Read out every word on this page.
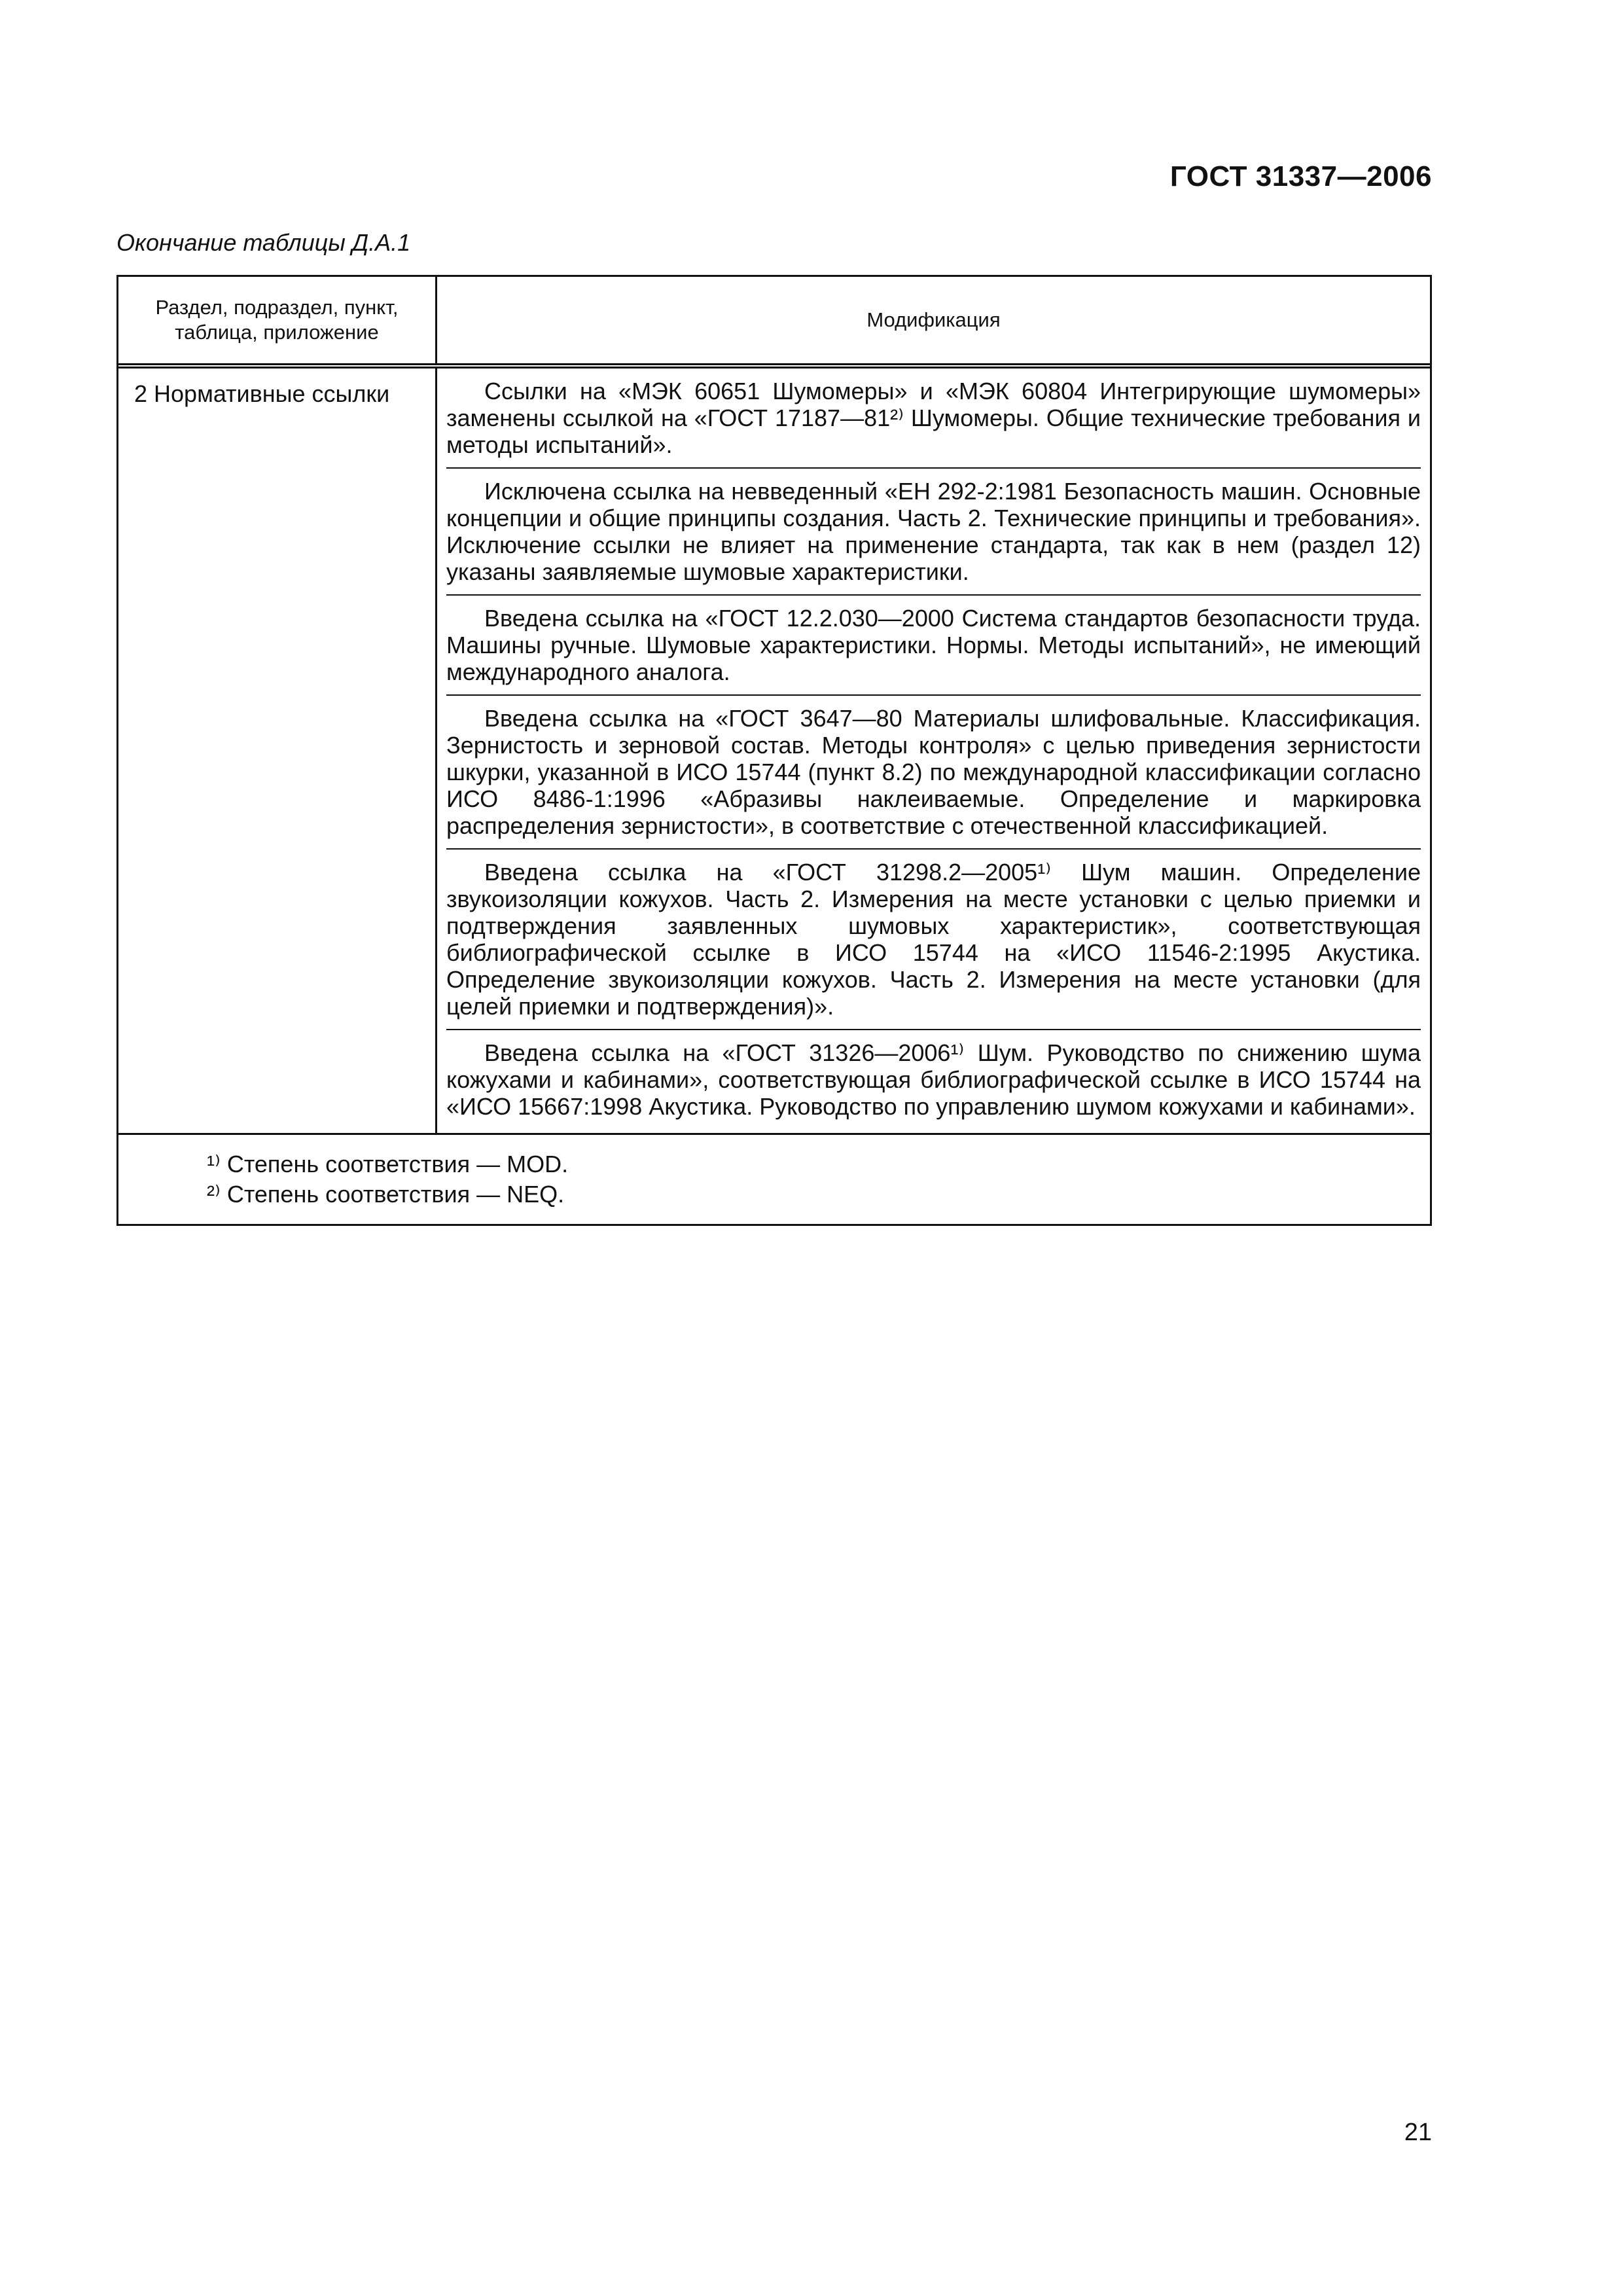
ГОСТ 31337—2006
Окончание таблицы Д.А.1
Раздел, подраздел, пункт, таблица, приложение
Модификация
2 Нормативные ссылки	Ссылки на «МЭК 60651 Шумомеры» и «МЭК 60804 Интегрирующие шумомеры» заменены ссылкой на «ГОСТ 17187—81²⁾ Шумомеры. Общие технические требования и методы испытаний».

Исключена ссылка на невведенный «ЕН 292-2:1981 Безопасность машин. Основные концепции и общие принципы создания. Часть 2. Технические принципы и требования». Исключение ссылки не влияет на применение стандарта, так как в нем (раздел 12) указаны заявляемые шумовые характеристики.

Введена ссылка на «ГОСТ 12.2.030—2000 Система стандартов безопасности труда. Машины ручные. Шумовые характеристики. Нормы. Методы испытаний», не имеющий международного аналога.

Введена ссылка на «ГОСТ 3647—80 Материалы шлифовальные. Классификация. Зернистость и зерновой состав. Методы контроля» с целью приведения зернистости шкурки, указанной в ИСО 15744 (пункт 8.2) по международной классификации согласно ИСО 8486-1:1996 «Абразивы наклеиваемые. Определение и маркировка распределения зернистости», в соответствие с отечественной классификацией.

Введена ссылка на «ГОСТ 31298.2—2005¹⁾ Шум машин. Определение звукоизоляции кожухов. Часть 2. Измерения на месте установки с целью приемки и подтверждения заявленных шумовых характеристик», соответствующая библиографической ссылке в ИСО 15744 на «ИСО 11546-2:1995 Акустика. Определение звукоизоляции кожухов. Часть 2. Измерения на месте установки (для целей приемки и подтверждения)».

Введена ссылка на «ГОСТ 31326—2006¹⁾ Шум. Руководство по снижению шума кожухами и кабинами», соответствующая библиографической ссылке в ИСО 15744 на «ИСО 15667:1998 Акустика. Руководство по управлению шумом кожухами и кабинами».

¹⁾ Степень соответствия — MOD.
²⁾ Степень соответствия — NEQ.
21
